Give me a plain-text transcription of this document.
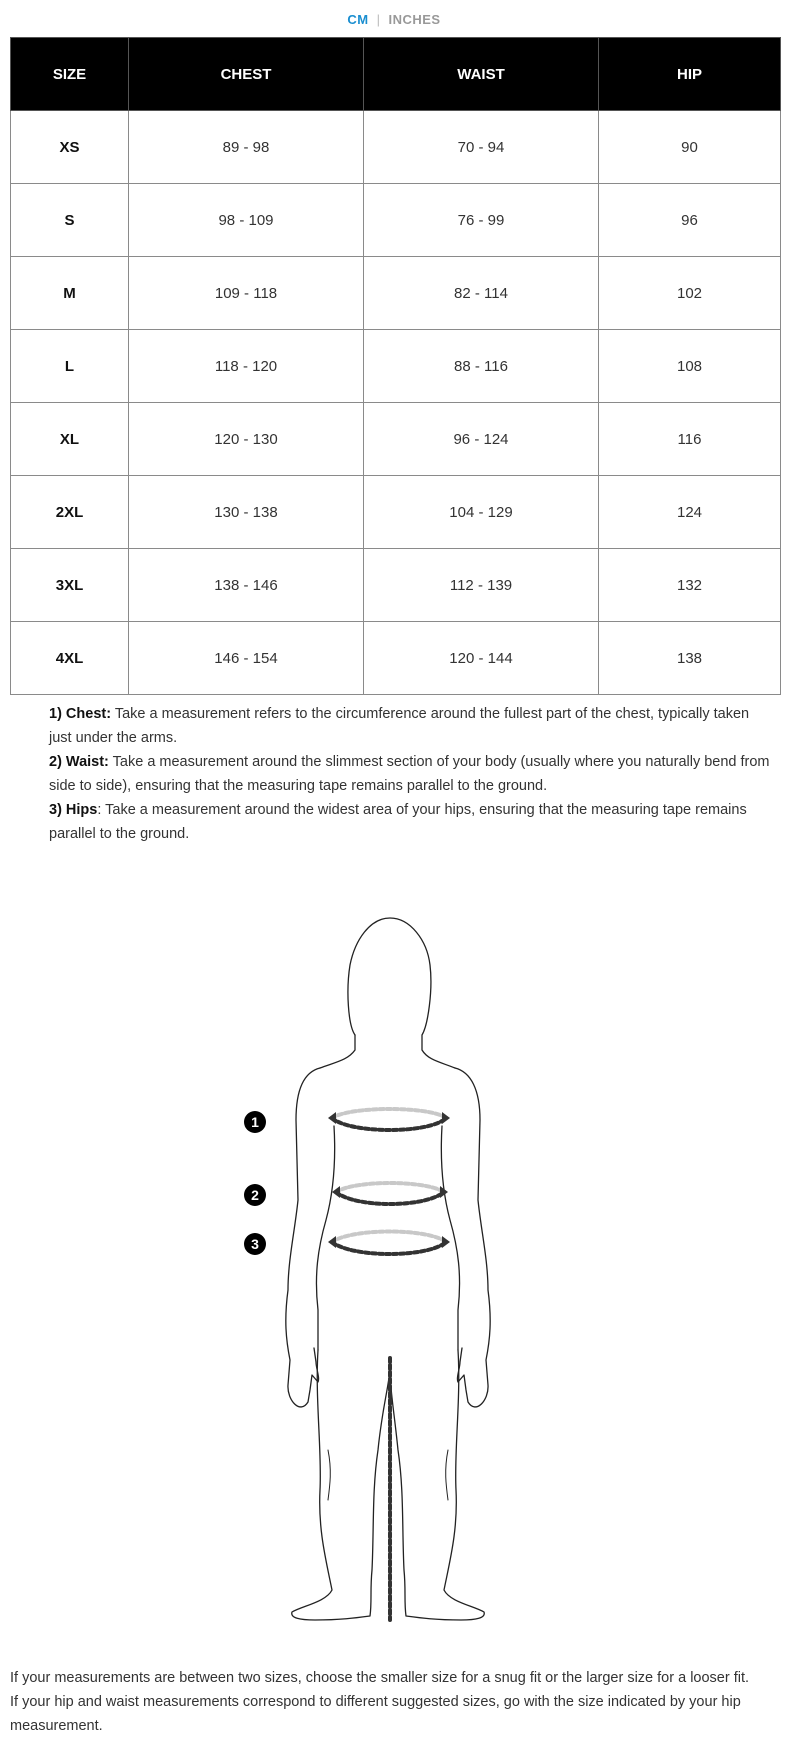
CM | INCHES
SIZE	CHEST	WAIST	HIP
XS	89 - 98	70 - 94	90
S	98 - 109	76 - 99	96
M	109 - 118	82 - 114	102
L	118 - 120	88 - 116	108
XL	120 - 130	96 - 124	116
2XL	130 - 138	104 - 129	124
3XL	138 - 146	112 - 139	132
4XL	146 - 154	120 - 144	138

1) Chest: Take a measurement refers to the circumference around the fullest part of the chest, typically taken just under the arms.

2) Waist: Take a measurement around the slimmest section of your body (usually where you naturally bend from side to side), ensuring that the measuring tape remains parallel to the ground.

3) Hips: Take a measurement around the widest area of your hips, ensuring that the measuring tape remains parallel to the ground.

1
2
3

If your measurements are between two sizes, choose the smaller size for a snug fit or the larger size for a looser fit.

If your hip and waist measurements correspond to different suggested sizes, go with the size indicated by your hip measurement.
